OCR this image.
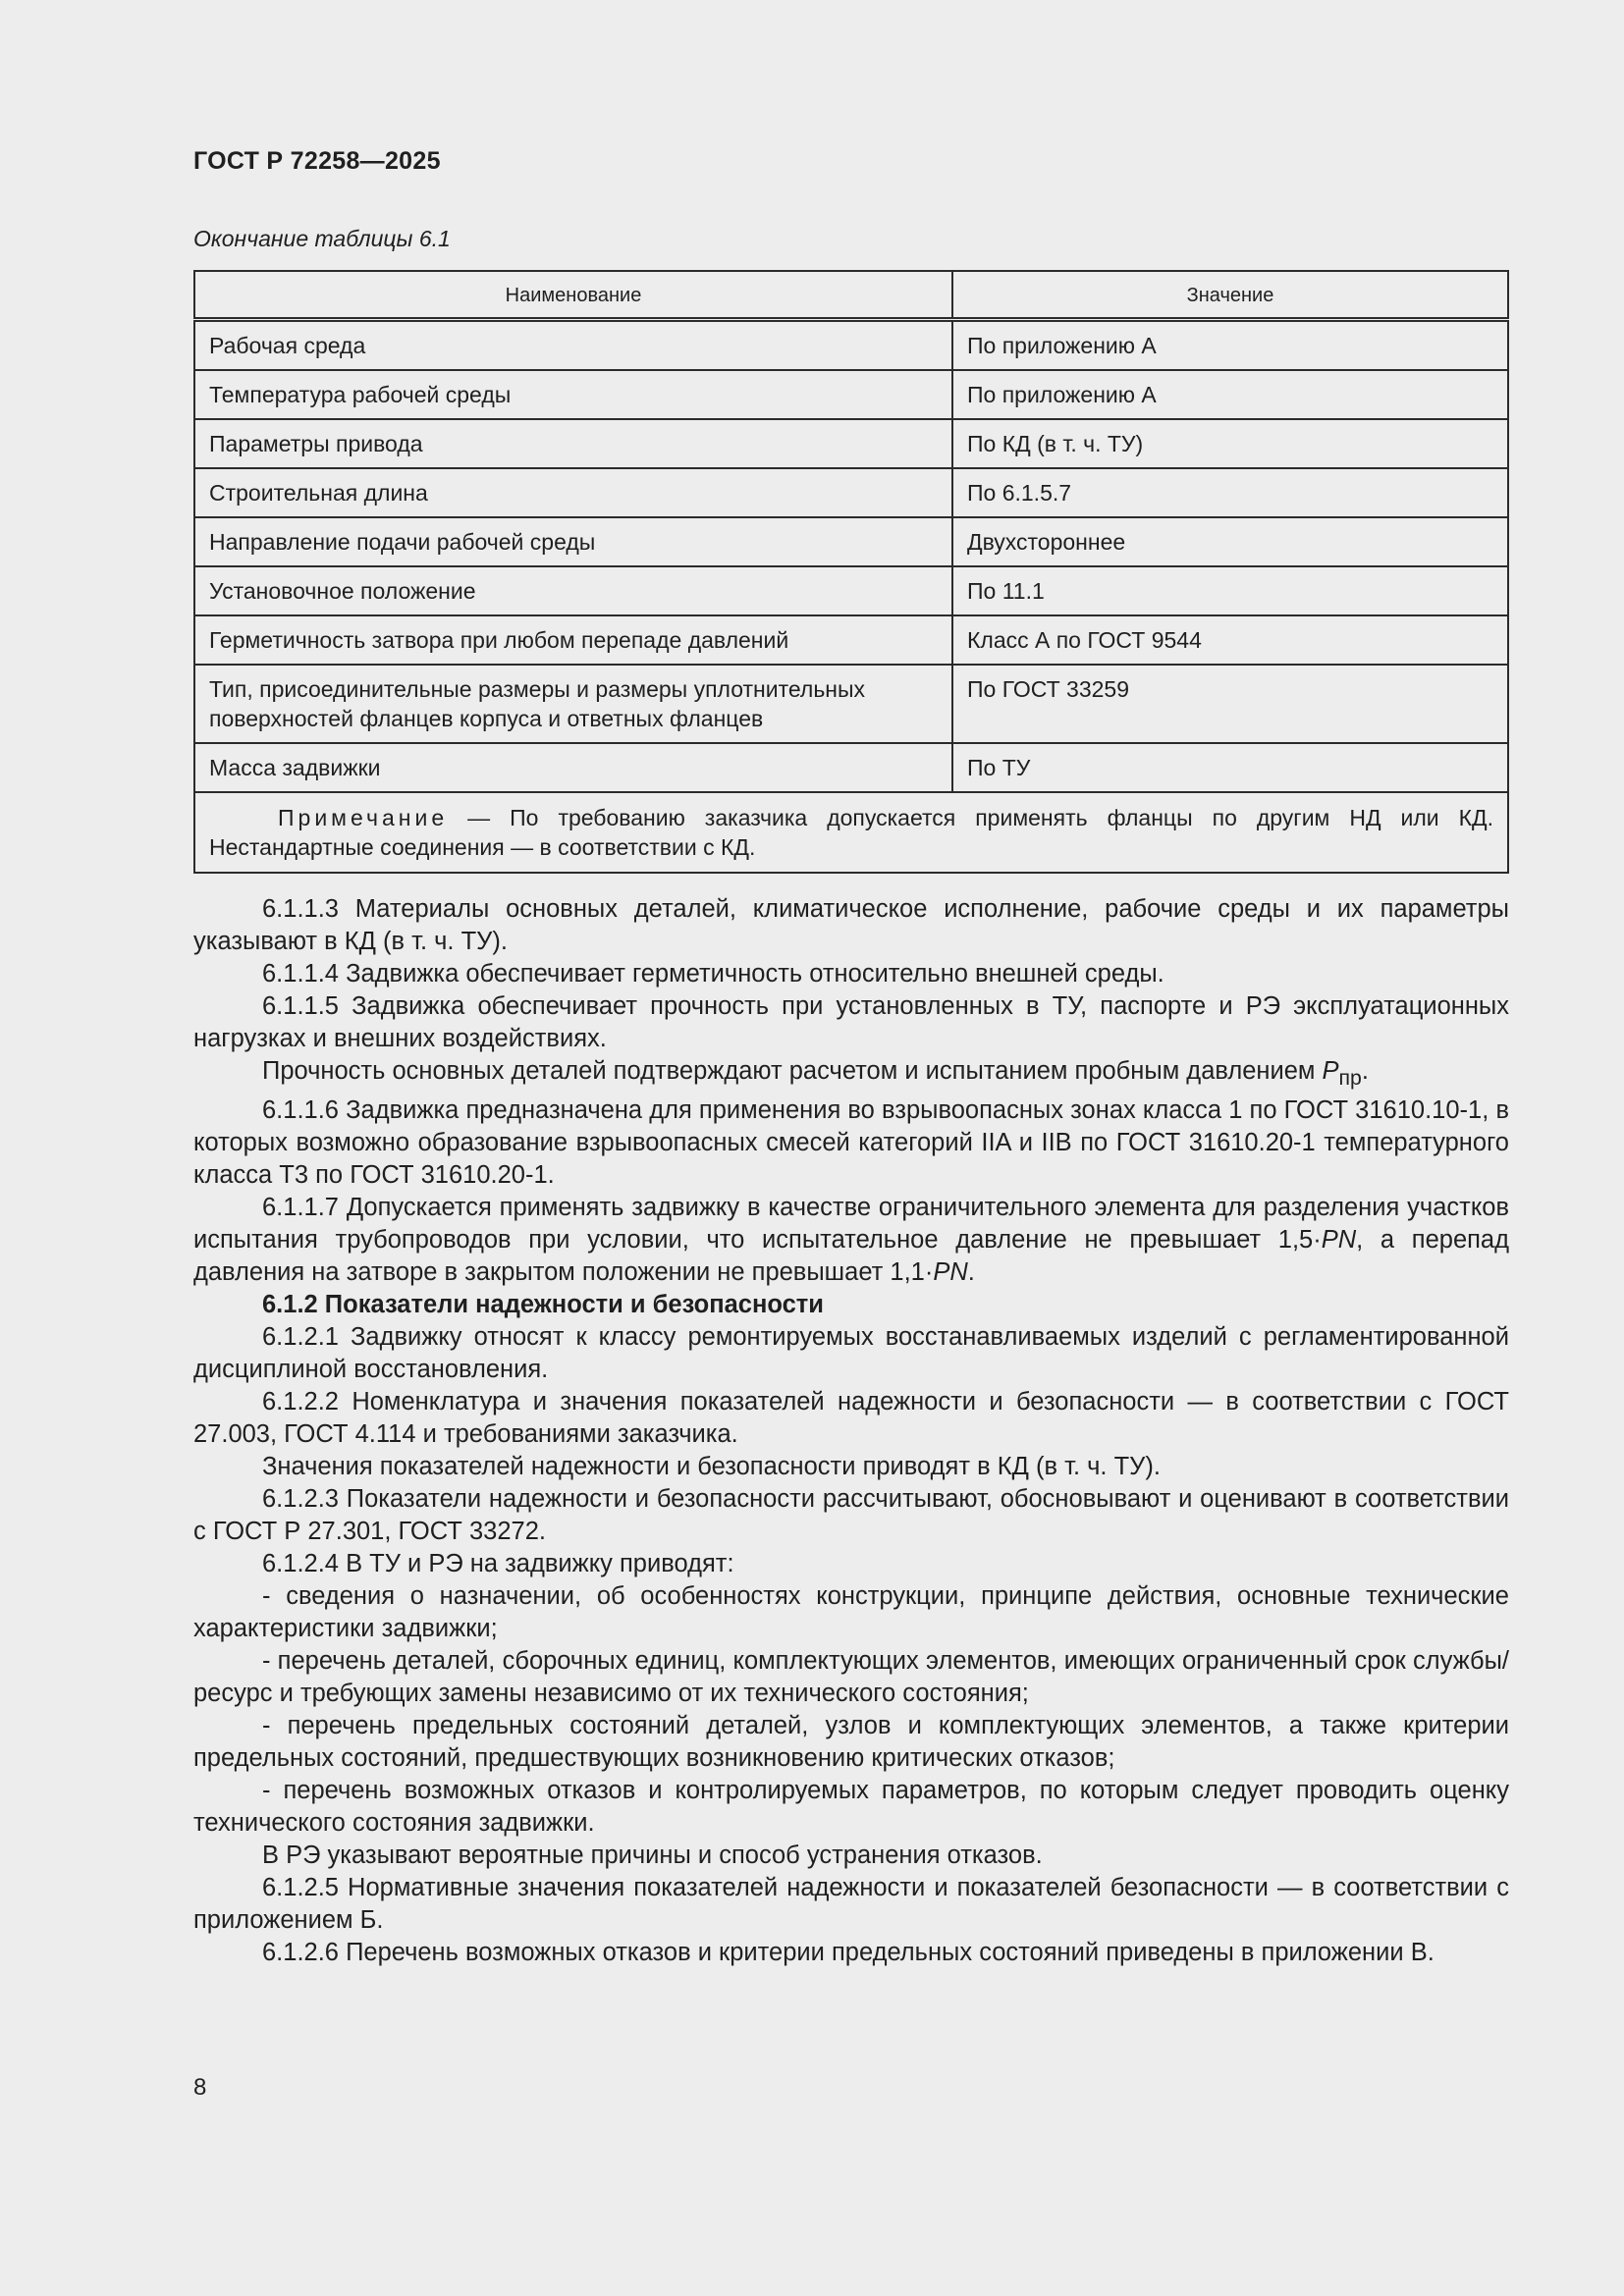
ГОСТ Р 72258—2025
Окончание таблицы 6.1
Наименование	Значение
Рабочая среда	По приложению А
Температура рабочей среды	По приложению А
Параметры привода	По КД (в т. ч. ТУ)
Строительная длина	По 6.1.5.7
Направление подачи рабочей среды	Двухстороннее
Установочное положение	По 11.1
Герметичность затвора при любом перепаде давлений	Класс А по ГОСТ 9544
Тип, присоединительные размеры и размеры уплотнительных поверхностей фланцев корпуса и ответных фланцев	По ГОСТ 33259
Масса задвижки	По ТУ
Примечание — По требованию заказчика допускается применять фланцы по другим НД или КД. Нестандартные соединения — в соответствии с КД.	

6.1.1.3 Материалы основных деталей, климатическое исполнение, рабочие среды и их параметры указывают в КД (в т. ч. ТУ).

6.1.1.4 Задвижка обеспечивает герметичность относительно внешней среды.

6.1.1.5 Задвижка обеспечивает прочность при установленных в ТУ, паспорте и РЭ эксплуатационных нагрузках и внешних воздействиях.

Прочность основных деталей подтверждают расчетом и испытанием пробным давлением $P_{пр}$.

6.1.1.6 Задвижка предназначена для применения во взрывоопасных зонах класса 1 по ГОСТ 31610.10-1, в которых возможно образование взрывоопасных смесей категорий IIA и IIB по ГОСТ 31610.20-1 температурного класса Т3 по ГОСТ 31610.20-1.

6.1.1.7 Допускается применять задвижку в качестве ограничительного элемента для разделения участков испытания трубопроводов при условии, что испытательное давление не превышает 1,5·PN, а перепад давления на затворе в закрытом положении не превышает 1,1·PN.

6.1.2 Показатели надежности и безопасности

6.1.2.1 Задвижку относят к классу ремонтируемых восстанавливаемых изделий с регламентированной дисциплиной восстановления.

6.1.2.2 Номенклатура и значения показателей надежности и безопасности — в соответствии с ГОСТ 27.003, ГОСТ 4.114 и требованиями заказчика.

Значения показателей надежности и безопасности приводят в КД (в т. ч. ТУ).

6.1.2.3 Показатели надежности и безопасности рассчитывают, обосновывают и оценивают в соответствии с ГОСТ Р 27.301, ГОСТ 33272.

6.1.2.4 В ТУ и РЭ на задвижку приводят:

- сведения о назначении, об особенностях конструкции, принципе действия, основные технические характеристики задвижки;

- перечень деталей, сборочных единиц, комплектующих элементов, имеющих ограниченный срок службы/ресурс и требующих замены независимо от их технического состояния;

- перечень предельных состояний деталей, узлов и комплектующих элементов, а также критерии предельных состояний, предшествующих возникновению критических отказов;

- перечень возможных отказов и контролируемых параметров, по которым следует проводить оценку технического состояния задвижки.

В РЭ указывают вероятные причины и способ устранения отказов.

6.1.2.5 Нормативные значения показателей надежности и показателей безопасности — в соответствии с приложением Б.

6.1.2.6 Перечень возможных отказов и критерии предельных состояний приведены в приложении В.

8
